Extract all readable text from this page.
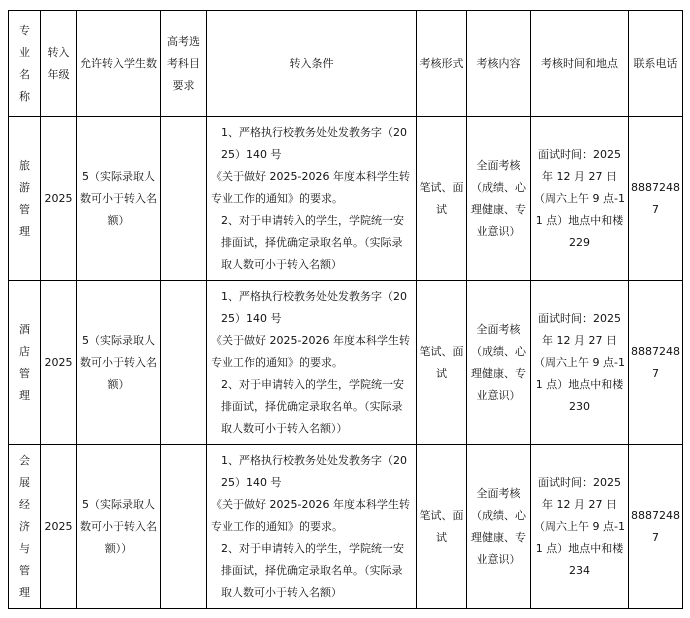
专业名称	转入年级	允许转入学生数	高考选考科目要求	转入条件	考核形式	考核内容	考核时间和地点	联系电话
旅游管理	2025	5（实际录取人数可小于转入名额）		1、严格执行校教务处处发教务字（2025）140 号
《关于做好 2025-2026 年度本科学生转专业工作的通知》的要求。
2、对于申请转入的学生，学院统一安排面试，择优确定录取名单。（实际录取人数可小于转入名额）	笔试、面试	全面考核（成绩、心理健康、专业意识）	面试时间：2025 年 12 月 27 日（周六上午 9 点-11 点）地点中和楼 229	88872487
酒店管理	2025	5（实际录取人数可小于转入名额）		1、严格执行校教务处处发教务字（2025）140 号
《关于做好 2025-2026 年度本科学生转专业工作的通知》的要求。
2、对于申请转入的学生，学院统一安排面试，择优确定录取名单。（实际录取人数可小于转入名额））	笔试、面试	全面考核（成绩、心理健康、专业意识）	面试时间：2025 年 12 月 27 日（周六上午 9 点-11 点）地点中和楼 230	88872487
会展经济与管理	2025	5（实际录取人数可小于转入名额））		1、严格执行校教务处处发教务字（2025）140 号
《关于做好 2025-2026 年度本科学生转专业工作的通知》的要求。
2、对于申请转入的学生，学院统一安排面试，择优确定录取名单。（实际录取人数可小于转入名额）	笔试、面试	全面考核（成绩、心理健康、专业意识）	面试时间：2025 年 12 月 27 日（周六上午 9 点-11 点）地点中和楼 234	88872487
